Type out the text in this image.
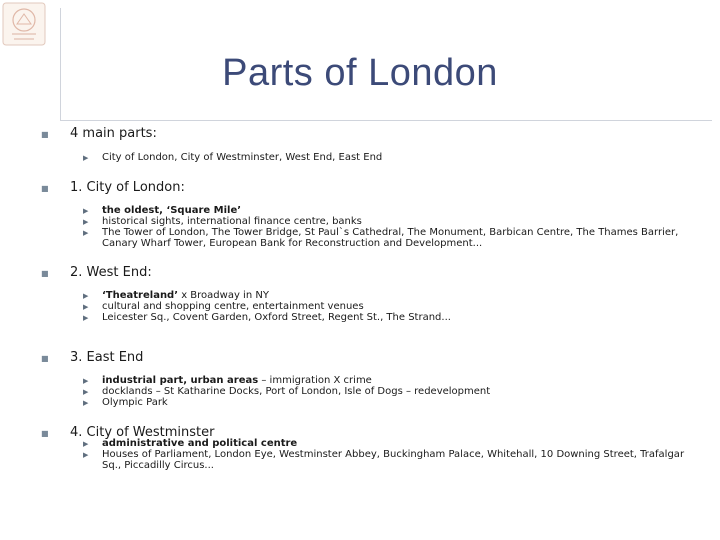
Parts of London
■ 4 main parts:
▶ City of London, City of Westminster, West End, East End
■ 1. City of London:
▶ the oldest, ‘Square Mile’
▶ historical sights, international finance centre, banks
▶ The Tower of London, The Tower Bridge, St Paul`s Cathedral, The Monument, Barbican Centre, The Thames Barrier, Canary Wharf Tower, European Bank for Reconstruction and Development...
■ 2. West End:
▶ ‘Theatreland’ x Broadway in NY
▶ cultural and shopping centre, entertainment venues
▶ Leicester Sq., Covent Garden, Oxford Street, Regent St., The Strand...
■ 3. East End
▶ industrial part, urban areas – immigration X crime
▶ docklands – St Katharine Docks, Port of London, Isle of Dogs – redevelopment
▶ Olympic Park
■ 4. City of Westminster
▶ administrative and political centre
▶ Houses of Parliament, London Eye, Westminster Abbey, Buckingham Palace, Whitehall, 10 Downing Street, Trafalgar Sq., Piccadilly Circus...
